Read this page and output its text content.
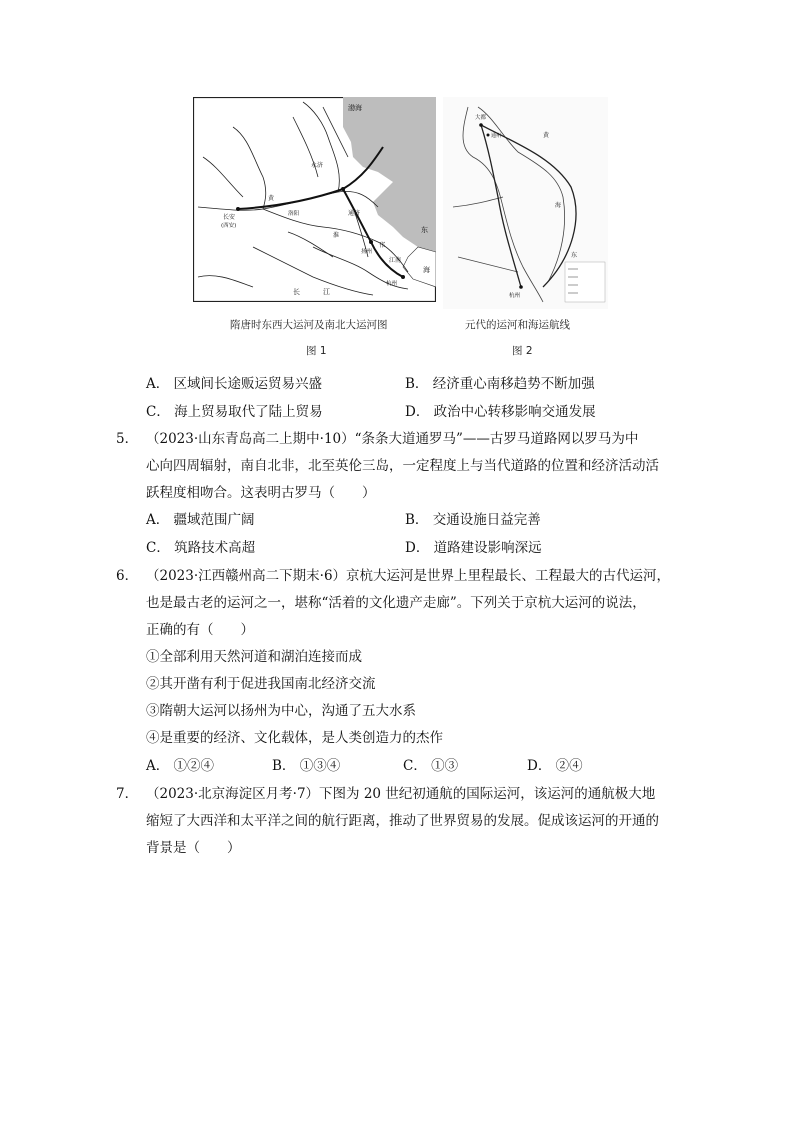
渤海
东
海
长安
(西安)
长	江
扬州
杭州
洛阳
永济
通济
邗
江南
黄
淮
大都
通州
杭州
黄
海
东
隋唐时东西大运河及南北大运河图	元代的运河和海运航线
图 1	图 2
A． 区域间长途贩运贸易兴盛	B． 经济重心南移趋势不断加强
C． 海上贸易取代了陆上贸易	D． 政治中心转移影响交通发展
5． （2023·山东青岛高二上期中·10）“条条大道通罗马”——古罗马道路网以罗马为中
心向四周辐射，南自北非，北至英伦三岛，一定程度上与当代道路的位置和经济活动活
跃程度相吻合。这表明古罗马（　　）
A． 疆域范围广阔	B． 交通设施日益完善
C． 筑路技术高超	D． 道路建设影响深远
6． （2023·江西赣州高二下期末·6）京杭大运河是世界上里程最长、工程最大的古代运河，
也是最古老的运河之一，堪称“活着的文化遗产走廊”。下列关于京杭大运河的说法，
正确的有（　　）
①全部利用天然河道和湖泊连接而成
②其开凿有利于促进我国南北经济交流
③隋朝大运河以扬州为中心，沟通了五大水系
④是重要的经济、文化载体，是人类创造力的杰作
A． ①②④	B． ①③④	C． ①③	D． ②④
7． （2023·北京海淀区月考·7）下图为 20 世纪初通航的国际运河，该运河的通航极大地
缩短了大西洋和太平洋之间的航行距离，推动了世界贸易的发展。促成该运河的开通的
背景是（　　）
